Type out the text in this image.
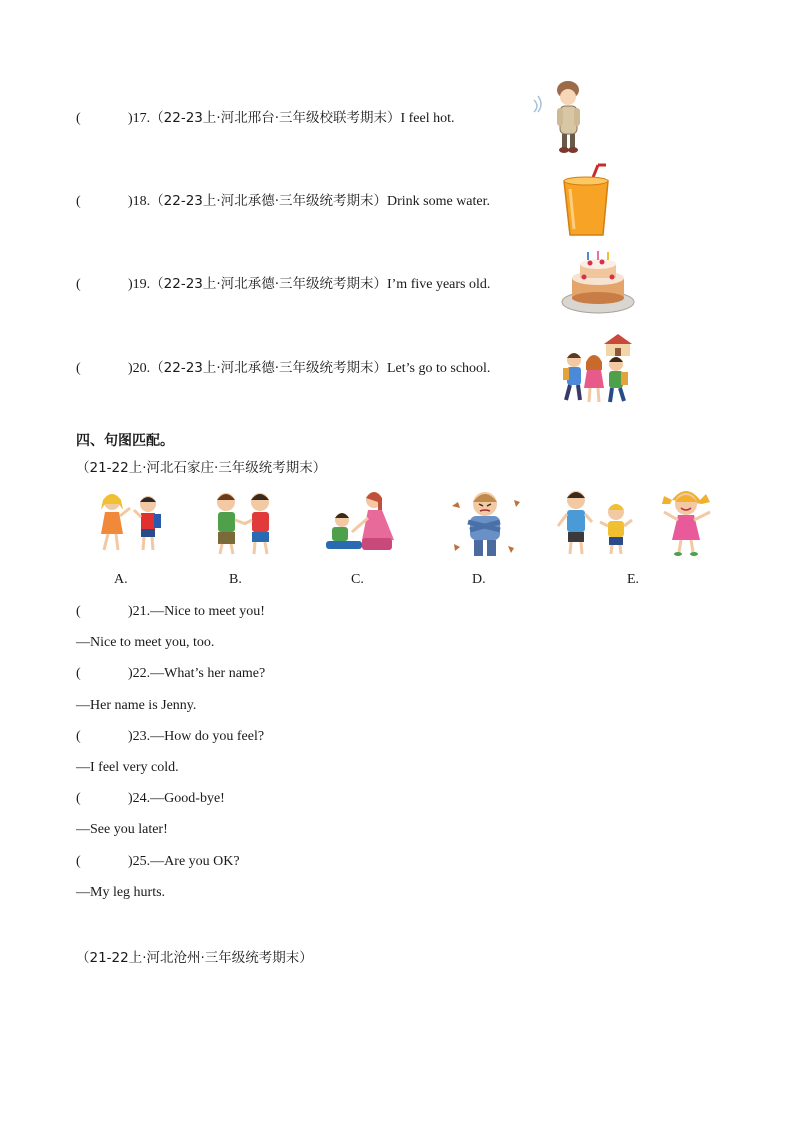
(	)17.（22-23上·河北邢台·三年级校联考期末）I feel hot.
(	)18.（22-23上·河北承德·三年级统考期末）Drink some water.
(	)19.（22-23上·河北承德·三年级统考期末）I’m five years old.
(	)20.（22-23上·河北承德·三年级统考期末）Let’s go to school.
四、句图匹配。
（21-22上·河北石家庄·三年级统考期末）
A.	B.	C.	D.	E.
(	)21.—Nice to meet you!
—Nice to meet you, too.
(	)22.—What’s her name?
—Her name is Jenny.
(	)23.—How do you feel?
—I feel very cold.
(	)24.—Good-bye!
—See you later!
(	)25.—Are you OK?
—My leg hurts.
（21-22上·河北沧州·三年级统考期末）
